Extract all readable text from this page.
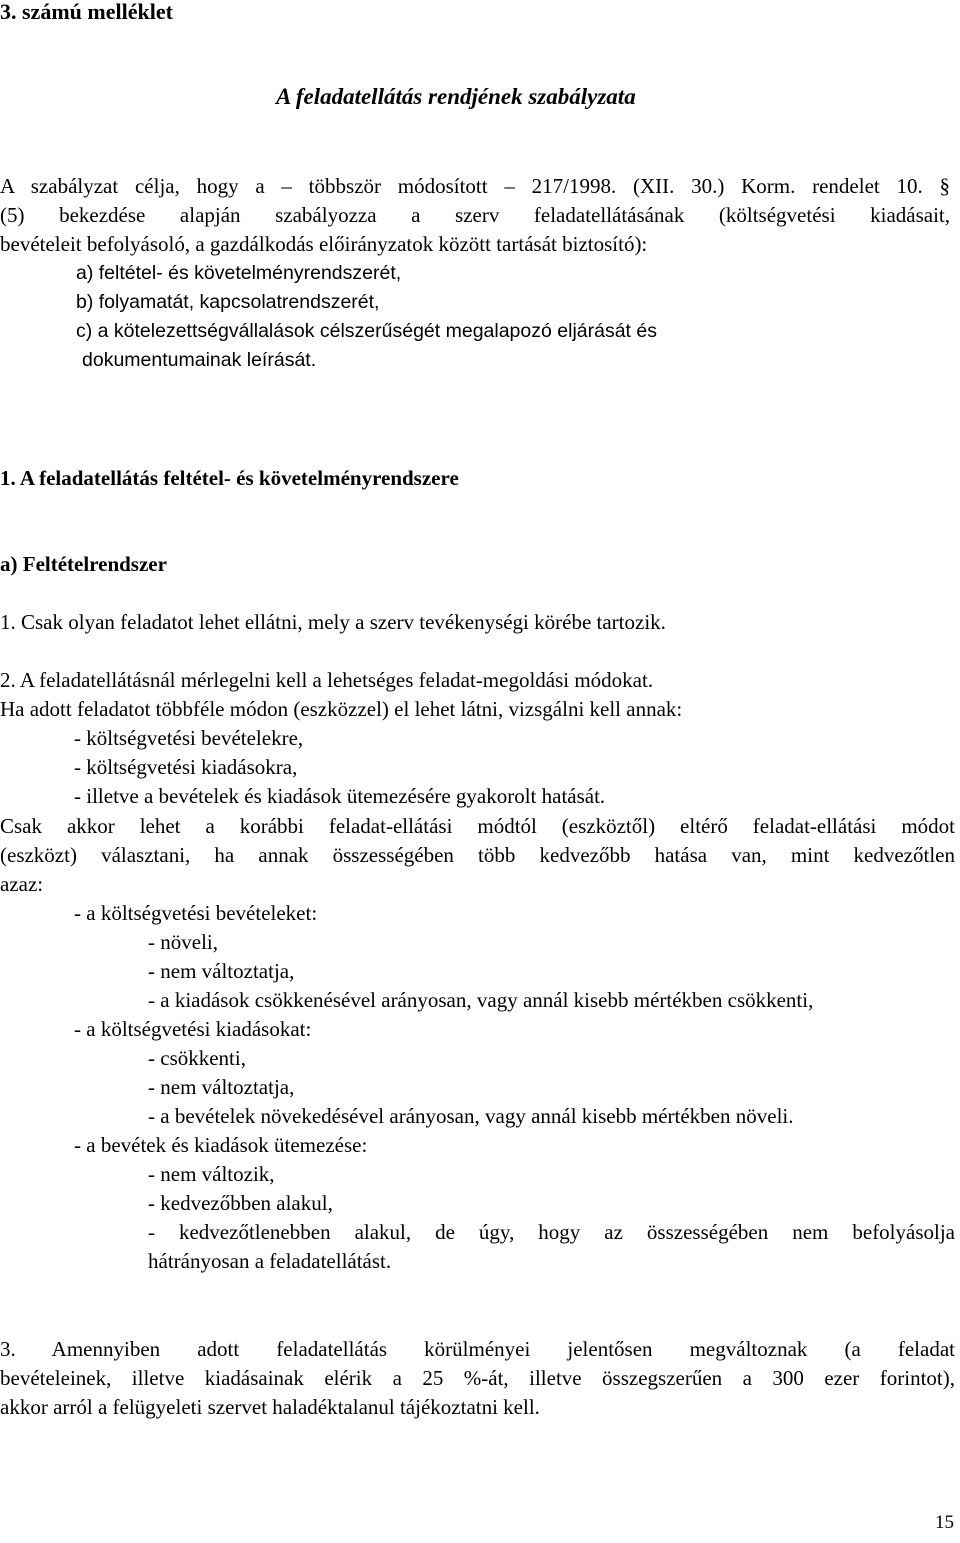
3. számú melléklet

A feladatellátás rendjének szabályzata

A szabályzat célja, hogy a – többször módosított – 217/1998. (XII. 30.) Korm. rendelet 10. §

(5) bekezdése alapján szabályozza a szerv feladatellátásának (költségvetési kiadásait,

bevételeit befolyásoló, a gazdálkodás előirányzatok között tartását biztosító):

a) feltétel- és követelményrendszerét,

b) folyamatát, kapcsolatrendszerét,

c) a kötelezettségvállalások célszerűségét megalapozó eljárását és

dokumentumainak leírását.

1. A feladatellátás feltétel- és követelményrendszere

a) Feltételrendszer

1. Csak olyan feladatot lehet ellátni, mely a szerv tevékenységi körébe tartozik.

2. A feladatellátásnál mérlegelni kell a lehetséges feladat-megoldási módokat.

Ha adott feladatot többféle módon (eszközzel) el lehet látni, vizsgálni kell annak:

- költségvetési bevételekre,

- költségvetési kiadásokra,

- illetve a bevételek és kiadások ütemezésére gyakorolt hatását.

Csak akkor lehet a korábbi feladat-ellátási módtól (eszköztől) eltérő feladat-ellátási módot

(eszközt) választani, ha annak összességében több kedvezőbb hatása van, mint kedvezőtlen

azaz:

- a költségvetési bevételeket:

- növeli,

- nem változtatja,

- a kiadások csökkenésével arányosan, vagy annál kisebb mértékben csökkenti,

- a költségvetési kiadásokat:

- csökkenti,

- nem változtatja,

- a bevételek növekedésével arányosan, vagy annál kisebb mértékben növeli.

- a bevétek és kiadások ütemezése:

- nem változik,

- kedvezőbben alakul,

- kedvezőtlenebben alakul, de úgy, hogy az összességében nem befolyásolja

hátrányosan a feladatellátást.

3. Amennyiben adott feladatellátás körülményei jelentősen megváltoznak (a feladat

bevételeinek, illetve kiadásainak elérik a 25 %-át, illetve összegszerűen a 300 ezer forintot),

akkor arról a felügyeleti szervet haladéktalanul tájékoztatni kell.

15
